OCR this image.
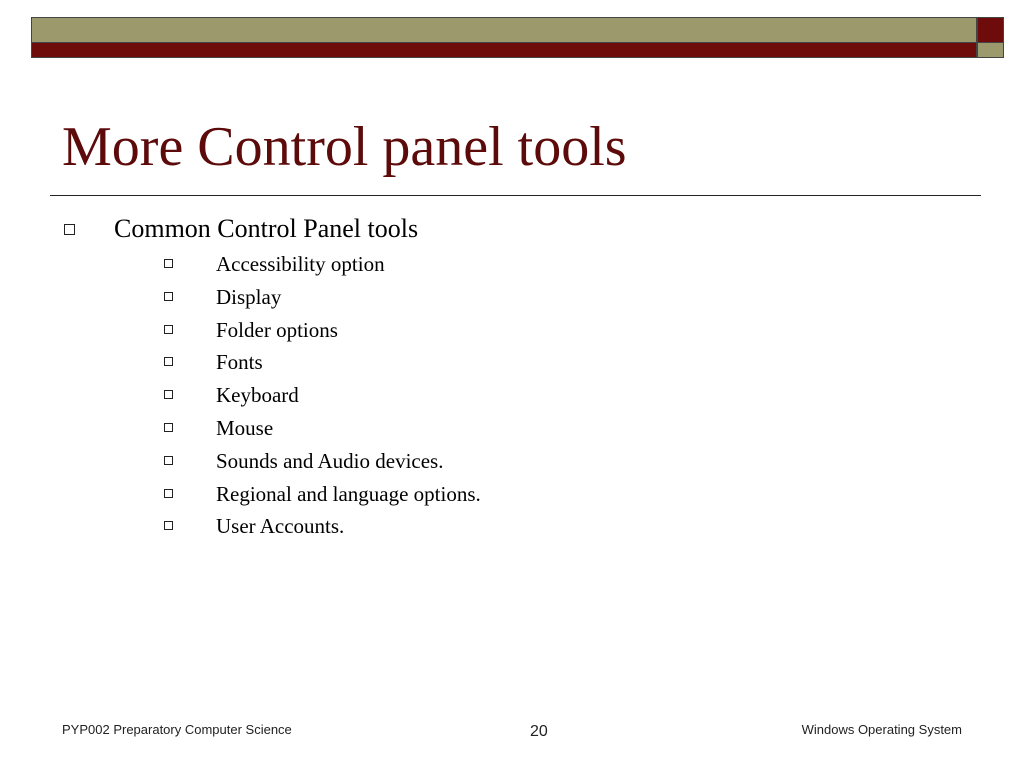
More Control panel tools
Common Control Panel tools
Accessibility option
Display
Folder options
Fonts
Keyboard
Mouse
Sounds and Audio devices.
Regional and language options.
User Accounts.
PYP002 Preparatory Computer Science	20	Windows Operating System
